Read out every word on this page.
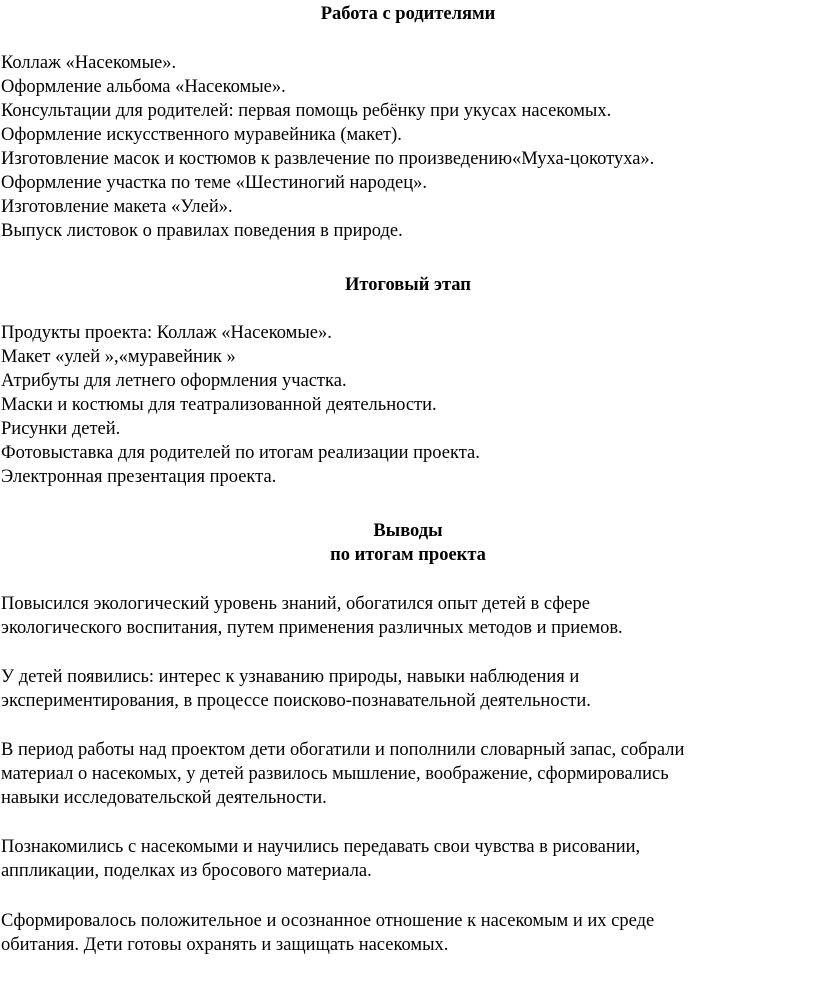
Работа с родителями
Коллаж «Насекомые».
Оформление альбома «Насекомые».
Консультации для родителей: первая помощь ребёнку при укусах насекомых.
Оформление искусственного муравейника (макет).
Изготовление масок и костюмов к развлечение по произведению«Муха-цокотуха».
Оформление участка по теме «Шестиногий народец».
Изготовление макета «Улей».
Выпуск листовок о правилах поведения в природе.
Итоговый этап
Продукты проекта: Коллаж «Насекомые».
Макет «улей »,«муравейник »
Атрибуты для летнего оформления участка.
Маски и костюмы для театрализованной деятельности.
Рисунки детей.
Фотовыставка для родителей по итогам реализации проекта.
Электронная презентация проекта.
Выводы
по итогам проекта
Повысился экологический уровень знаний, обогатился опыт детей в сфере
экологического воспитания, путем применения различных методов и приемов.
У детей появились: интерес к узнаванию природы, навыки наблюдения и
экспериментирования, в процессе поисково-познавательной деятельности.
В период работы над проектом дети обогатили и пополнили словарный запас, собрали
материал о насекомых, у детей развилось мышление, воображение, сформировались
навыки исследовательской деятельности.
Познакомились с насекомыми и научились передавать свои чувства в рисовании,
аппликации, поделках из бросового материала.
Сформировалось положительное и осознанное отношение к насекомым и их среде
обитания. Дети готовы охранять и защищать насекомых.
